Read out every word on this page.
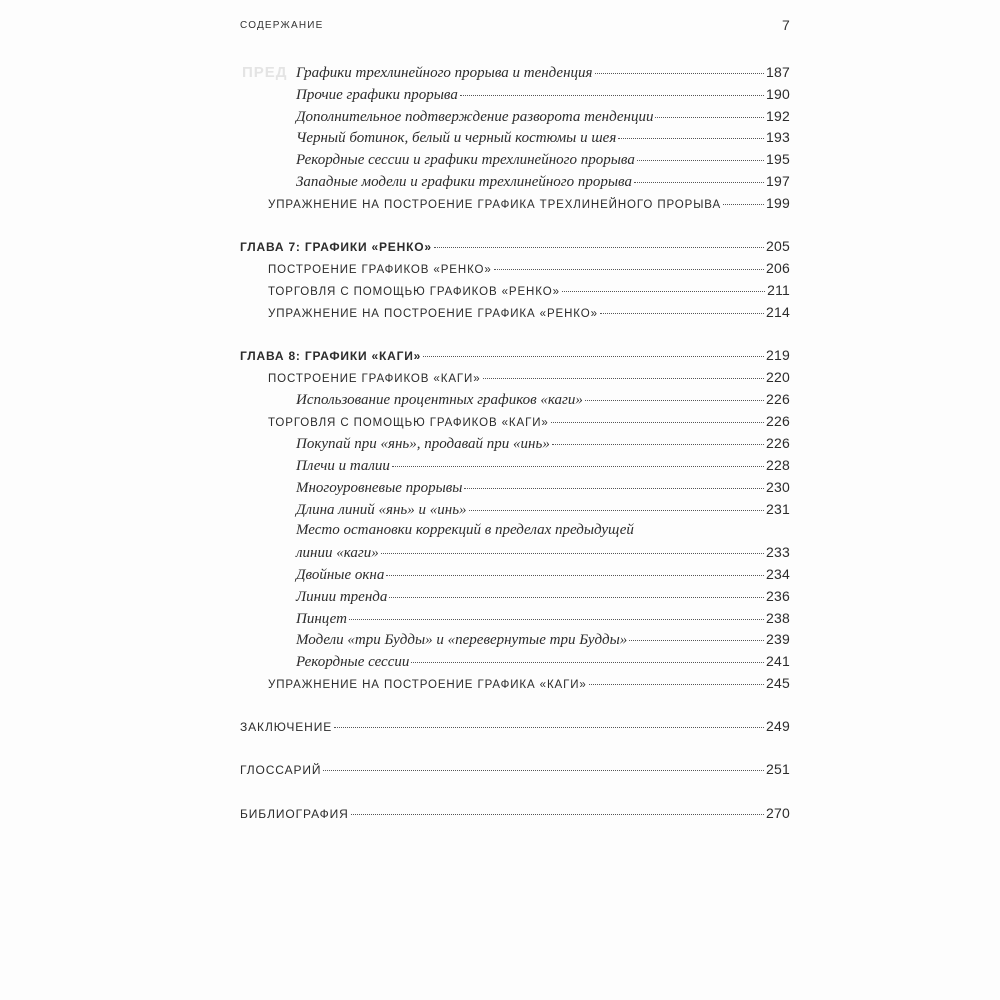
ПРЕД
СОДЕРЖАНИЕ	7
Графики трехлинейного прорыва и тенденция	187
Прочие графики прорыва	190
Дополнительное подтверждение разворота тенденции	192
Черный ботинок, белый и черный костюмы и шея	193
Рекордные сессии и графики трехлинейного прорыва	195
Западные модели и графики трехлинейного прорыва	197
УПРАЖНЕНИЕ НА ПОСТРОЕНИЕ ГРАФИКА ТРЕХЛИНЕЙНОГО ПРОРЫВА	199
ГЛАВА 7: ГРАФИКИ «РЕНКО»	205
ПОСТРОЕНИЕ ГРАФИКОВ «РЕНКО»	206
ТОРГОВЛЯ С ПОМОЩЬЮ ГРАФИКОВ «РЕНКО»	211
УПРАЖНЕНИЕ НА ПОСТРОЕНИЕ ГРАФИКА «РЕНКО»	214
ГЛАВА 8: ГРАФИКИ «КАГИ»	219
ПОСТРОЕНИЕ ГРАФИКОВ «КАГИ»	220
Использование процентных графиков «каги»	226
ТОРГОВЛЯ С ПОМОЩЬЮ ГРАФИКОВ «КАГИ»	226
Покупай при «янь», продавай при «инь»	226
Плечи и талии	228
Многоуровневые прорывы	230
Длина линий «янь» и «инь»	231
Место остановки коррекций в пределах предыдущей
линии «каги»	233
Двойные окна	234
Линии тренда	236
Пинцет	238
Модели «три Будды» и «перевернутые три Будды»	239
Рекордные сессии	241
УПРАЖНЕНИЕ НА ПОСТРОЕНИЕ ГРАФИКА «КАГИ»	245
ЗАКЛЮЧЕНИЕ	249
ГЛОССАРИЙ	251
БИБЛИОГРАФИЯ	270
